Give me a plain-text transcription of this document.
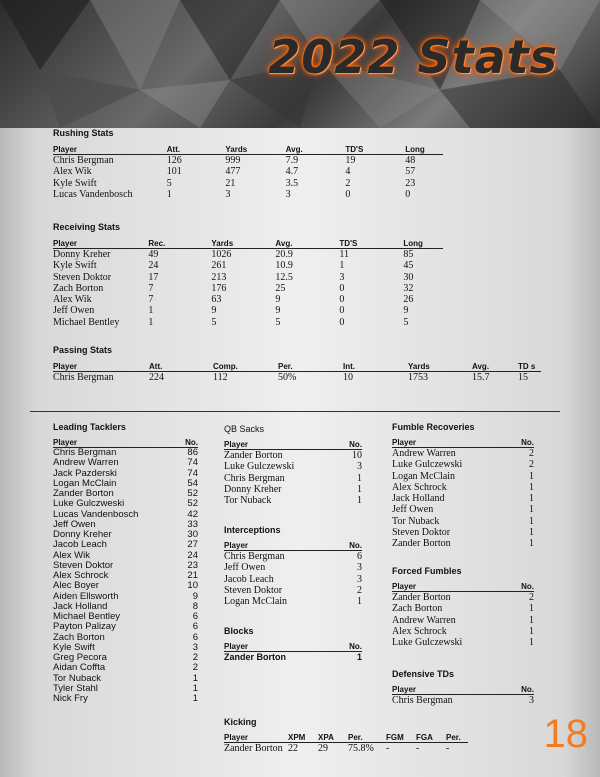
2022 Stats
Rushing Stats
Player	Att.	Yards	Avg.	TD'S	Long
Chris Bergman	126	999	7.9	19	48
Alex Wik	101	477	4.7	4	57
Kyle Swift	5	21	3.5	2	23
Lucas Vandenbosch	1	3	3	0	0
Receiving Stats
Player	Rec.	Yards	Avg.	TD'S	Long
Donny Kreher	49	1026	20.9	11	85
Kyle Swift	24	261	10.9	1	45
Steven Doktor	17	213	12.5	3	30
Zach Borton	7	176	25	0	32
Alex Wik	7	63	9	0	26
Jeff Owen	1	9	9	0	9
Michael Bentley	1	5	5	0	5
Passing Stats
Player	Att.	Comp.	Per.	Int.	Yards	Avg.	TD s
Chris Bergman	224	112	50%	10	1753	15.7	15
Leading Tacklers
Player	No.
Chris Bergman	86
Andrew Warren	74
Jack Pazderski	74
Logan McClain	54
Zander Borton	52
Luke Gulczweski	52
Lucas Vandenbosch	42
Jeff Owen	33
Donny Kreher	30
Jacob Leach	27
Alex Wik	24
Steven Doktor	23
Alex Schrock	21
Alec Boyer	10
Aiden Ellsworth	9
Jack Holland	8
Michael Bentley	6
Payton Palizay	6
Zach Borton	6
Kyle Swift	3
Greg Pecora	2
Aidan Coffta	2
Tor Nuback	1
Tyler Stahl	1
Nick Fry	1
QB Sacks
Player	No.
Zander Borton	10
Luke Gulczewski	3
Chris Bergman	1
Donny Kreher	1
Tor Nuback	1
Interceptions
Player	No.
Chris Bergman	6
Jeff Owen	3
Jacob Leach	3
Steven Doktor	2
Logan McClain	1
Blocks
Player	No.
Zander Borton	1
Kicking
Player	XPM	XPA	Per.	FGM	FGA	Per.
Zander Borton	22	29	75.8%	-	-	-
Fumble Recoveries
Player	No.
Andrew Warren	2
Luke Gulczewski	2
Logan McClain	1
Alex Schrock	1
Jack Holland	1
Jeff Owen	1
Tor Nuback	1
Steven Doktor	1
Zander Borton	1
Forced Fumbles
Player	No.
Zander Borton	2
Zach Borton	1
Andrew Warren	1
Alex Schrock	1
Luke Gulczewski	1
Defensive TDs
Player	No.
Chris Bergman	3
18
